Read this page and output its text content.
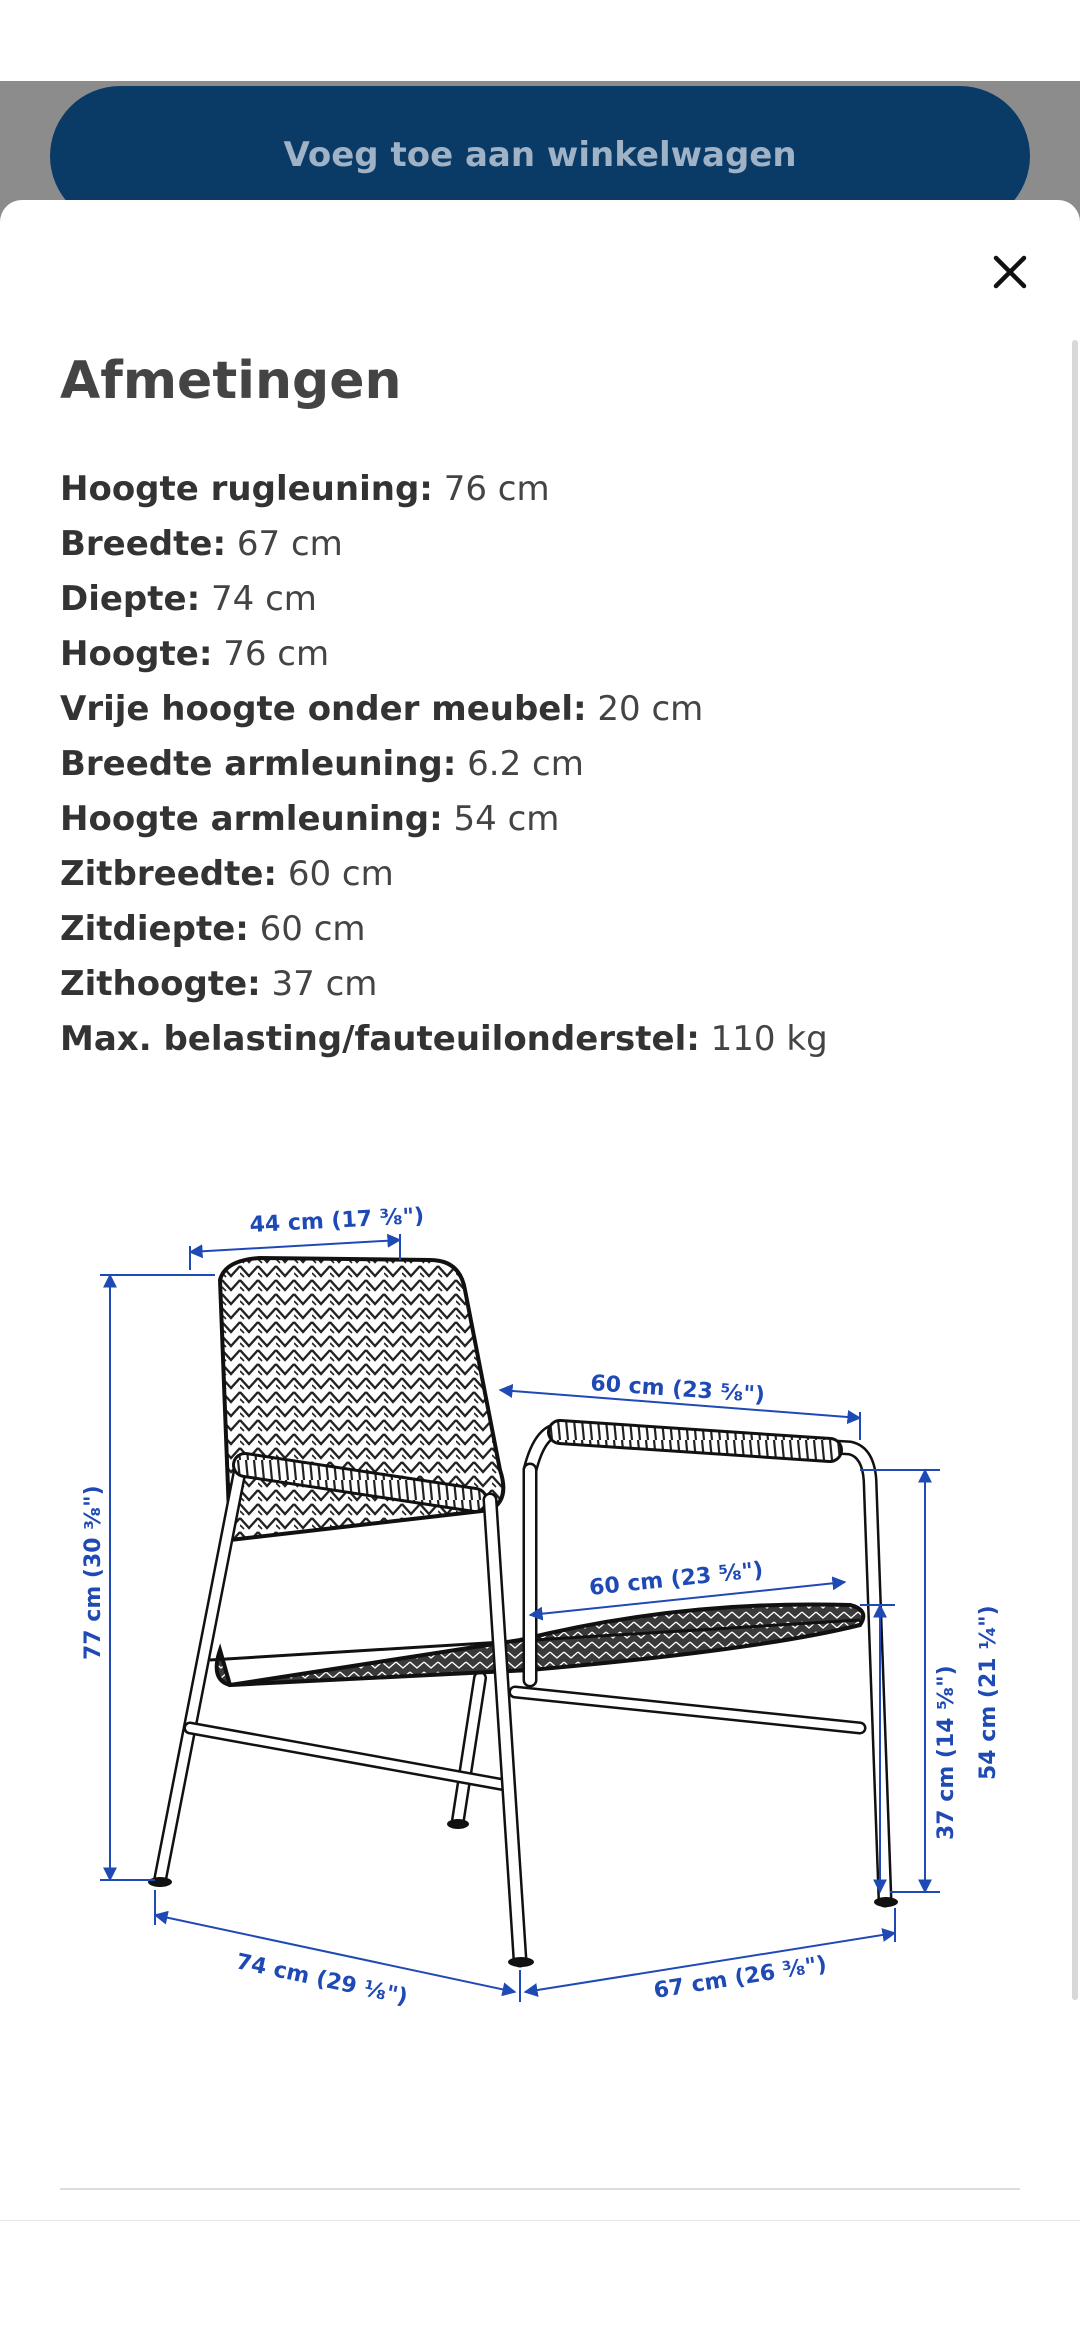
Voeg toe aan winkelwagen
Afmetingen
Hoogte rugleuning: 76 cm
Breedte: 67 cm
Diepte: 74 cm
Hoogte: 76 cm
Vrije hoogte onder meubel: 20 cm
Breedte armleuning: 6.2 cm
Hoogte armleuning: 54 cm
Zitbreedte: 60 cm
Zitdiepte: 60 cm
Zithoogte: 37 cm
Max. belasting/fauteuilonderstel: 110 kg
44 cm (17 ³⁄₈")
77 cm (30 ³⁄₈")
60 cm (23 ⁵⁄₈")
60 cm (23 ⁵⁄₈")
54 cm (21 ¹⁄₄")
37 cm (14 ⁵⁄₈")
74 cm (29 ¹⁄₈")	67 cm (26 ³⁄₈")
